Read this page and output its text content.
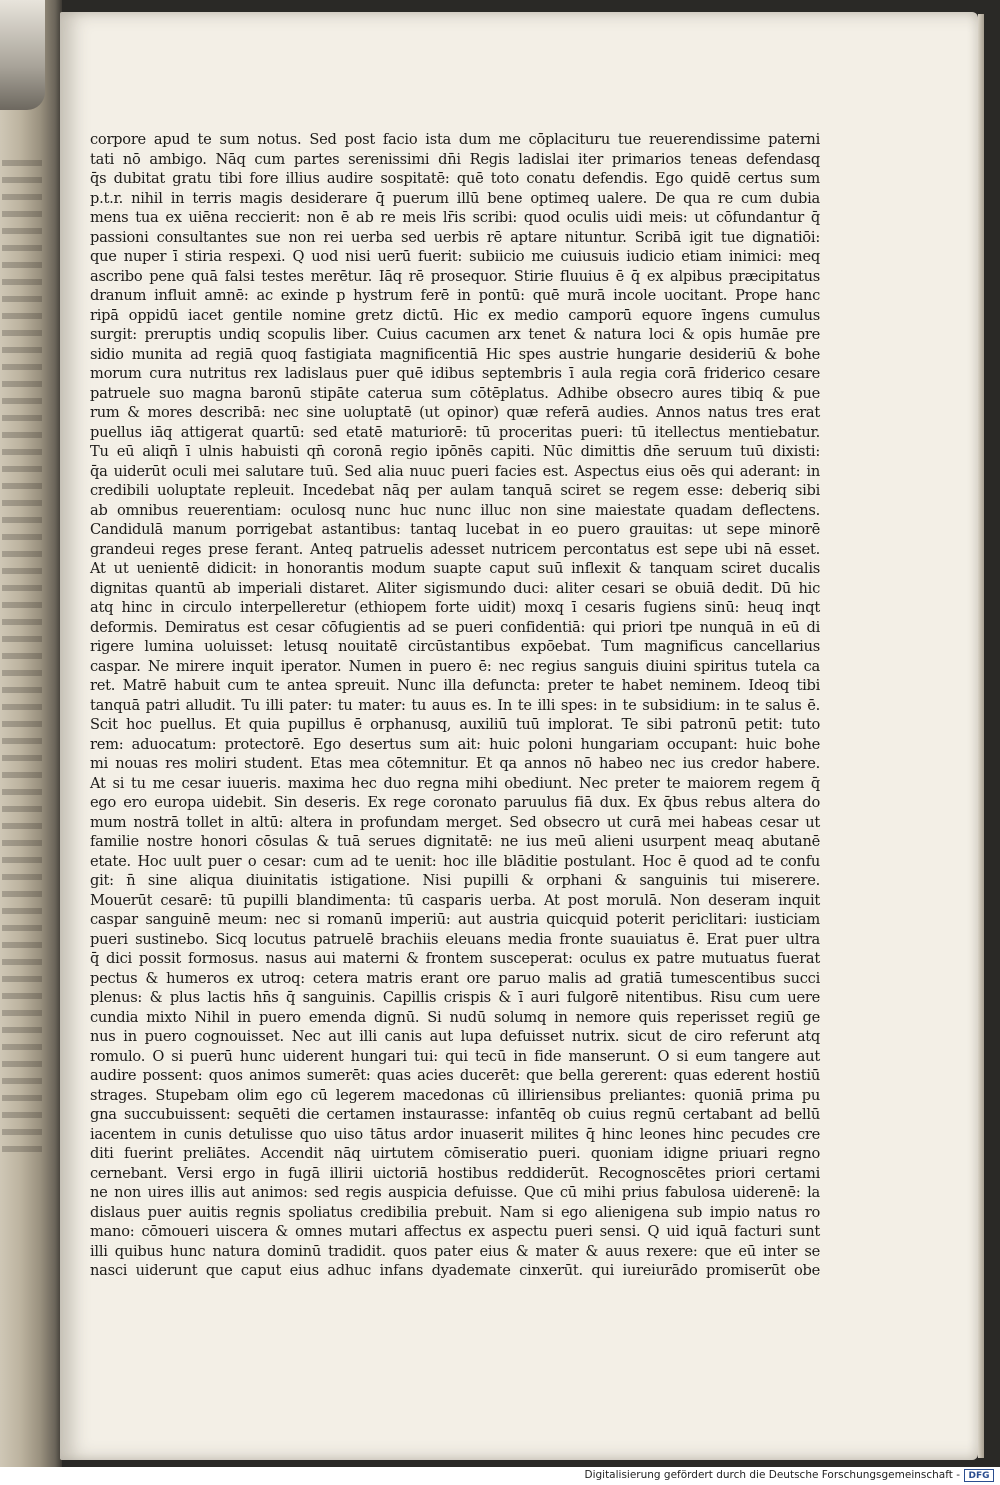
corpore apud te sum notus. Sed post facio ista dum me cōplacituru tue reuerendissime paterni
tati nō ambigo. Nāq cum partes serenissimi dn̄i Regis ladislai iter primarios teneas defendasq
q̄s dubitat gratu tibi fore illius audire sospitatē: quē toto conatu defendis. Ego quidē certus sum
p.t.r. nihil in terris magis desiderare q̄ puerum illū bene optimeq ualere. De qua re cum dubia
mens tua ex uiēna reccierit: non ē ab re meis lr̄is scribi: quod oculis uidi meis: ut cōfundantur q̄
passioni consultantes sue non rei uerba sed uerbis rē aptare nituntur. Scribā igit tue dignatiōi:
que nuper ī stiria respexi. Q uod nisi uerū fuerit: subiicio me cuiusuis iudicio etiam inimici: meq
ascribo pene quā falsi testes merētur. Iāq rē prosequor. Stirie fluuius ē q̄ ex alpibus præcipitatus
dranum influit amnē: ac exinde p hystrum ferē in pontū: quē murā incole uocitant. Prope hanc
ripā oppidū iacet gentile nomine gretz dictū. Hic ex medio camporū equore īngens cumulus
surgit: preruptis undiq scopulis liber. Cuius cacumen arx tenet & natura loci & opis humāe pre
sidio munita ad regiā quoq fastigiata magnificentiā Hic spes austrie hungarie desideriū & bohe
morum cura nutritus rex ladislaus puer quē idibus septembris ī aula regia corā friderico cesare
patruele suo magna baronū stipāte caterua sum cōtēplatus. Adhibe obsecro aures tibiq & pue
rum & mores describā: nec sine uoluptatē (ut opinor) quæ referā audies. Annos natus tres erat
puellus iāq attigerat quartū: sed etatē maturiorē: tū proceritas pueri: tū itellectus mentiebatur.
Tu eū aliqn̄ ī ulnis habuisti qn̄ coronā regio ipōnēs capiti. Nūc dimittis dn̄e seruum tuū dixisti:
q̄a uiderūt oculi mei salutare tuū. Sed alia nuuc pueri facies est. Aspectus eius oēs qui aderant: in
credibili uoluptate repleuit. Incedebat nāq per aulam tanquā sciret se regem esse: deberiq sibi
ab omnibus reuerentiam: oculosq nunc huc nunc illuc non sine maiestate quadam deflectens.
Candidulā manum porrigebat astantibus: tantaq lucebat in eo puero grauitas: ut sepe minorē
grandeui reges prese ferant. Anteq patruelis adesset nutricem percontatus est sepe ubi nā esset.
At ut uenientē didicit: in honorantis modum suapte caput suū inflexit & tanquam sciret ducalis
dignitas quantū ab imperiali distaret. Aliter sigismundo duci: aliter cesari se obuiā dedit. Dū hic
atq hinc in circulo interpelleretur (ethiopem forte uidit) moxq ī cesaris fugiens sinū: heuq inqt
deformis. Demiratus est cesar cōfugientis ad se pueri confidentiā: qui priori tpe nunquā in eū di
rigere lumina uoluisset: letusq nouitatē circūstantibus expōebat. Tum magnificus cancellarius
caspar. Ne mirere inquit iperator. Numen in puero ē: nec regius sanguis diuini spiritus tutela ca
ret. Matrē habuit cum te antea spreuit. Nunc illa defuncta: preter te habet neminem. Ideoq tibi
tanquā patri alludit. Tu illi pater: tu mater: tu auus es. In te illi spes: in te subsidium: in te salus ē.
Scit hoc puellus. Et quia pupillus ē orphanusq, auxiliū tuū implorat. Te sibi patronū petit: tuto
rem: aduocatum: protectorē. Ego desertus sum ait: huic poloni hungariam occupant: huic bohe
mi nouas res moliri student. Etas mea cōtemnitur. Et qa annos nō habeo nec ius credor habere.
At si tu me cesar iuueris. maxima hec duo regna mihi obediunt. Nec preter te maiorem regem q̄
ego ero europa uidebit. Sin deseris. Ex rege coronato paruulus fiā dux. Ex q̄bus rebus altera do
mum nostrā tollet in altū: altera in profundam merget. Sed obsecro ut curā mei habeas cesar ut
familie nostre honori cōsulas & tuā serues dignitatē: ne ius meū alieni usurpent meaq abutanē
etate. Hoc uult puer o cesar: cum ad te uenit: hoc ille blāditie postulant. Hoc ē quod ad te confu
git: n̄ sine aliqua diuinitatis istigatione. Nisi pupilli & orphani & sanguinis tui miserere.
Mouerūt cesarē: tū pupilli blandimenta: tū casparis uerba. At post morulā. Non deseram inquit
caspar sanguinē meum: nec si romanū imperiū: aut austria quicquid poterit periclitari: iusticiam
pueri sustinebo. Sicq locutus patruelē brachiis eleuans media fronte suauiatus ē. Erat puer ultra
q̄ dici possit formosus. nasus aui materni & frontem susceperat: oculus ex patre mutuatus fuerat
pectus & humeros ex utroq: cetera matris erant ore paruo malis ad gratiā tumescentibus succi
plenus: & plus lactis hn̄s q̄ sanguinis. Capillis crispis & ī auri fulgorē nitentibus. Risu cum uere
cundia mixto Nihil in puero emenda dignū. Si nudū solumq in nemore quis reperisset regiū ge
nus in puero cognouisset. Nec aut illi canis aut lupa defuisset nutrix. sicut de ciro referunt atq
romulo. O si puerū hunc uiderent hungari tui: qui tecū in fide manserunt. O si eum tangere aut
audire possent: quos animos sumerēt: quas acies ducerēt: que bella gererent: quas ederent hostiū
strages. Stupebam olim ego cū legerem macedonas cū illiriensibus preliantes: quoniā prima pu
gna succubuissent: sequēti die certamen instaurasse: infantēq ob cuius regnū certabant ad bellū
iacentem in cunis detulisse quo uiso tātus ardor inuaserit milites q̄ hinc leones hinc pecudes cre
diti fuerint preliātes. Accendit nāq uirtutem cōmiseratio pueri. quoniam idigne priuari regno
cernebant. Versi ergo in fugā illirii uictoriā hostibus reddiderūt. Recognoscētes priori certami
ne non uires illis aut animos: sed regis auspicia defuisse. Que cū mihi prius fabulosa uiderenē: la
dislaus puer auitis regnis spoliatus credibilia prebuit. Nam si ego alienigena sub impio natus ro
mano: cōmoueri uiscera & omnes mutari affectus ex aspectu pueri sensi. Q uid iquā facturi sunt
illi quibus hunc natura dominū tradidit. quos pater eius & mater & auus rexere: que eū inter se
nasci uiderunt que caput eius adhuc infans dyademate cinxerūt. qui iureiurādo promiserūt obe
Digitalisierung gefördert durch die Deutsche Forschungsgemeinschaft - DFG
